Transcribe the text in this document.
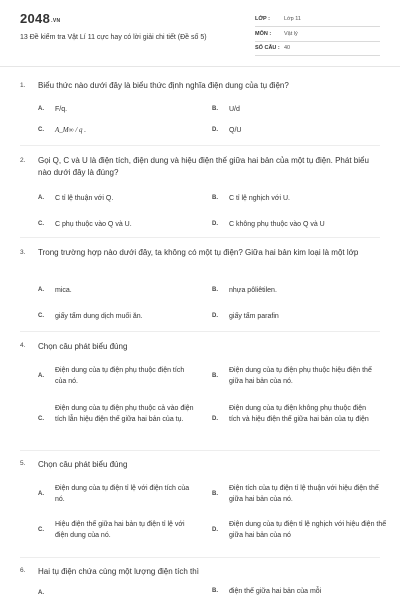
$2048^{.VN}$
13 Đề kiểm tra Vật Lí 11 cực hay có lời giải chi tiết (Đề số 5)
LỚP :	Lớp 11
MÔN : Vật lý
SỐ CÂU : 40
1. Biểu thức nào dưới đây là biểu thức định nghĩa điện dung của tụ điện?
A. F/q.	B. U/d
C. A_M∞ / q .	D. Q/U
2. Gọi Q, C và U là điện tích, điện dung và hiệu điện thế giữa hai bản của một tụ điện. Phát biểu nào dưới đây là đúng?
A. C tỉ lệ thuận với Q.	B. C tỉ lệ nghịch với U.
C. C phụ thuộc vào Q và U.	D. C không phụ thuộc vào Q và U
3. Trong trường hợp nào dưới đây, ta không có một tụ điện? Giữa hai bản kim loại là một lớp
A. mica.	B. nhựa pôliêtilen.
C. giấy tẩm dung dịch muối ăn.	D. giấy tẩm parafin
4. Chọn câu phát biểu đúng
A.
Điện dung của tụ điện phụ thuộc điện tích của nó.
B.
Điện dung của tụ điện phụ thuộc hiệu điện thế giữa hai bản của nó.
C.
Điện dung của tụ điện phụ thuộc cả vào điện tích lẫn hiệu điện thế giữa hai bản của tụ.	D.
Điện dung của tụ điện không phụ thuộc điện tích và hiệu điện thế giữa hai bản của tụ điện
5. Chọn câu phát biểu đúng
A.
Điện dung của tụ điện tỉ lệ với điện tích của nó.
B.
Điện tích của tụ điện tỉ lệ thuận với hiệu điện thế giữa hai bản của nó.
C.
Hiệu điện thế giữa hai bản tụ điện tỉ lệ với điện dung của nó.
D.
Điện dung của tụ điện tỉ lệ nghịch với hiệu điện thế giữa hai bản của nó
6. Hai tụ điện chứa cùng một lượng điện tích thì
A.	B. điện thế giữa hai bản của mỗi
